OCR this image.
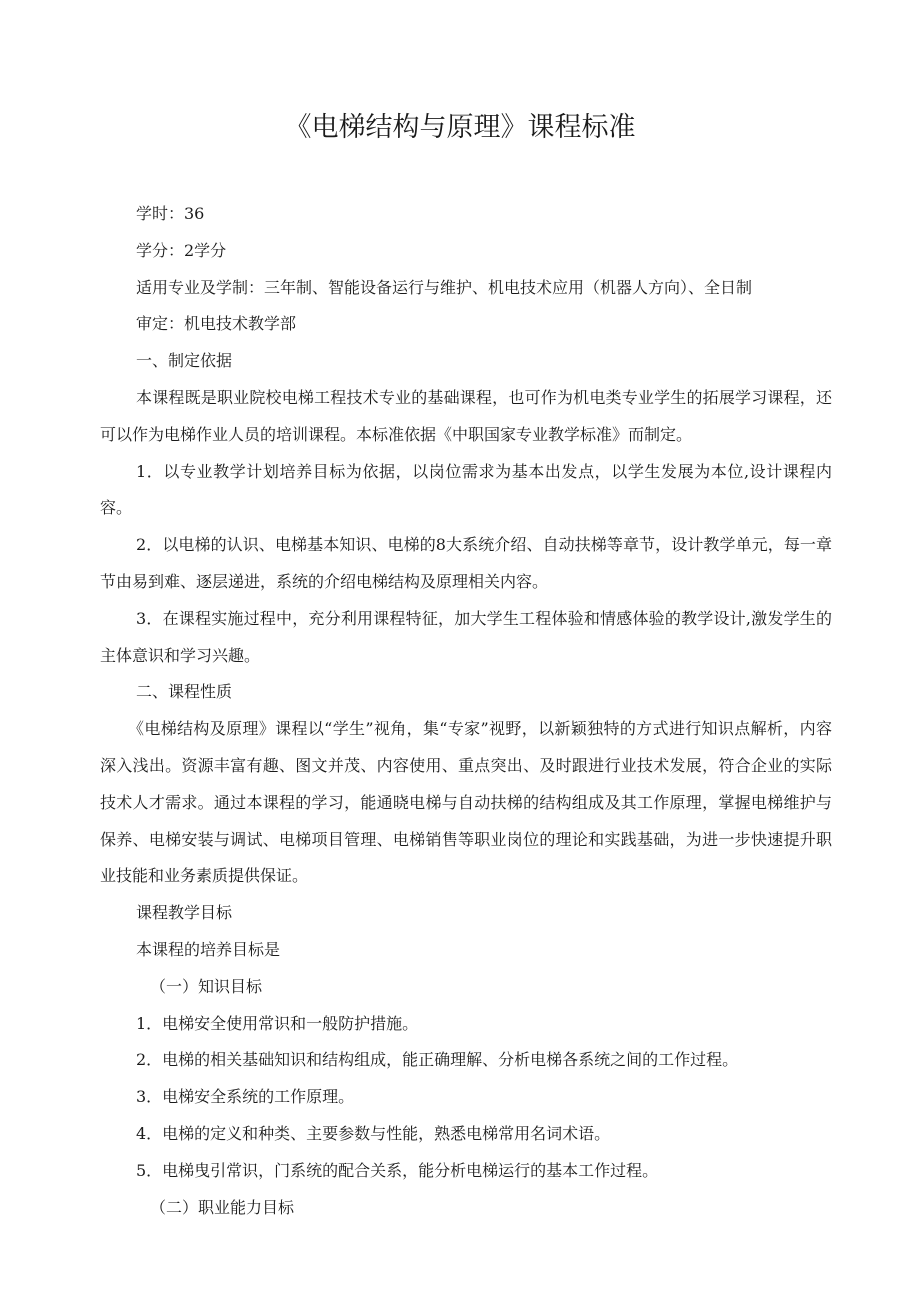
《电梯结构与原理》课程标准

学时：36

学分：2学分

适用专业及学制：三年制、智能设备运行与维护、机电技术应用（机器人方向）、全日制

审定：机电技术教学部

一、制定依据

本课程既是职业院校电梯工程技术专业的基础课程，也可作为机电类专业学生的拓展学习课程，还可以作为电梯作业人员的培训课程。本标准依据《中职国家专业教学标准》而制定。

1．以专业教学计划培养目标为依据，以岗位需求为基本出发点，以学生发展为本位,设计课程内容。

2．以电梯的认识、电梯基本知识、电梯的8大系统介绍、自动扶梯等章节，设计教学单元，每一章节由易到难、逐层递进，系统的介绍电梯结构及原理相关内容。

3．在课程实施过程中，充分利用课程特征，加大学生工程体验和情感体验的教学设计,激发学生的主体意识和学习兴趣。

二、课程性质

《电梯结构及原理》课程以“学生”视角，集“专家”视野，以新颖独特的方式进行知识点解析，内容深入浅出。资源丰富有趣、图文并茂、内容使用、重点突出、及时跟进行业技术发展，符合企业的实际技术人才需求。通过本课程的学习，能通晓电梯与自动扶梯的结构组成及其工作原理，掌握电梯维护与保养、电梯安装与调试、电梯项目管理、电梯销售等职业岗位的理论和实践基础，为进一步快速提升职业技能和业务素质提供保证。

课程教学目标

本课程的培养目标是

（一）知识目标

1．电梯安全使用常识和一般防护措施。

2．电梯的相关基础知识和结构组成，能正确理解、分析电梯各系统之间的工作过程。

3．电梯安全系统的工作原理。

4．电梯的定义和种类、主要参数与性能，熟悉电梯常用名词术语。

5．电梯曳引常识，门系统的配合关系，能分析电梯运行的基本工作过程。

（二）职业能力目标
